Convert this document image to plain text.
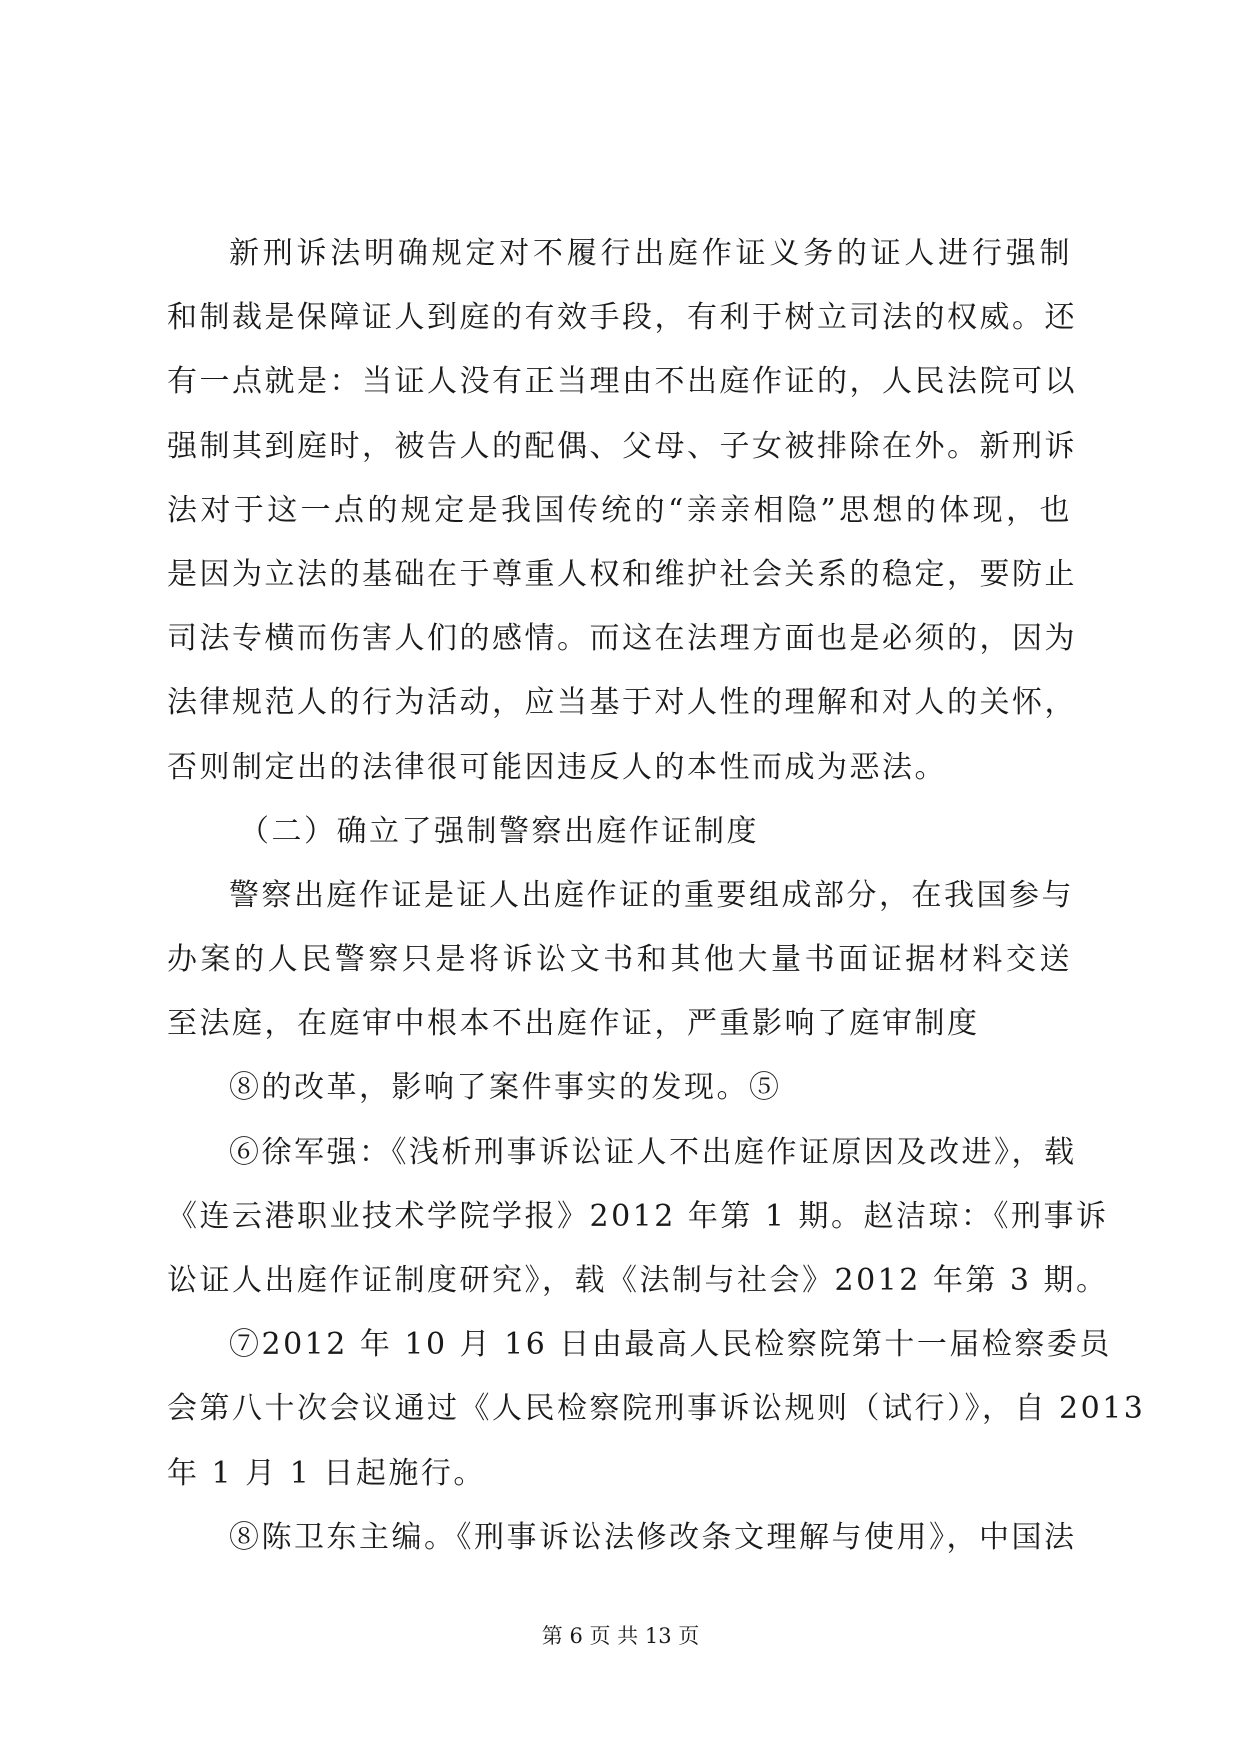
新刑诉法明确规定对不履行出庭作证义务的证人进行强制
和制裁是保障证人到庭的有效手段，有利于树立司法的权威。还
有一点就是：当证人没有正当理由不出庭作证的，人民法院可以
强制其到庭时，被告人的配偶、父母、子女被排除在外。新刑诉
法对于这一点的规定是我国传统的“亲亲相隐”思想的体现，也
是因为立法的基础在于尊重人权和维护社会关系的稳定，要防止
司法专横而伤害人们的感情。而这在法理方面也是必须的，因为
法律规范人的行为活动，应当基于对人性的理解和对人的关怀，
否则制定出的法律很可能因违反人的本性而成为恶法。
（二）确立了强制警察出庭作证制度
警察出庭作证是证人出庭作证的重要组成部分，在我国参与
办案的人民警察只是将诉讼文书和其他大量书面证据材料交送
至法庭，在庭审中根本不出庭作证，严重影响了庭审制度
⑧的改革，影响了案件事实的发现。⑤
⑥徐军强：《浅析刑事诉讼证人不出庭作证原因及改进》，载
《连云港职业技术学院学报》2012 年第 1 期。赵洁琼：《刑事诉
讼证人出庭作证制度研究》，载《法制与社会》2012 年第 3 期。
⑦2012 年 10 月 16 日由最高人民检察院第十一届检察委员
会第八十次会议通过《人民检察院刑事诉讼规则（试行）》，自 2013
年 1 月 1 日起施行。
⑧陈卫东主编。《刑事诉讼法修改条文理解与使用》，中国法
第 6 页 共 13 页
